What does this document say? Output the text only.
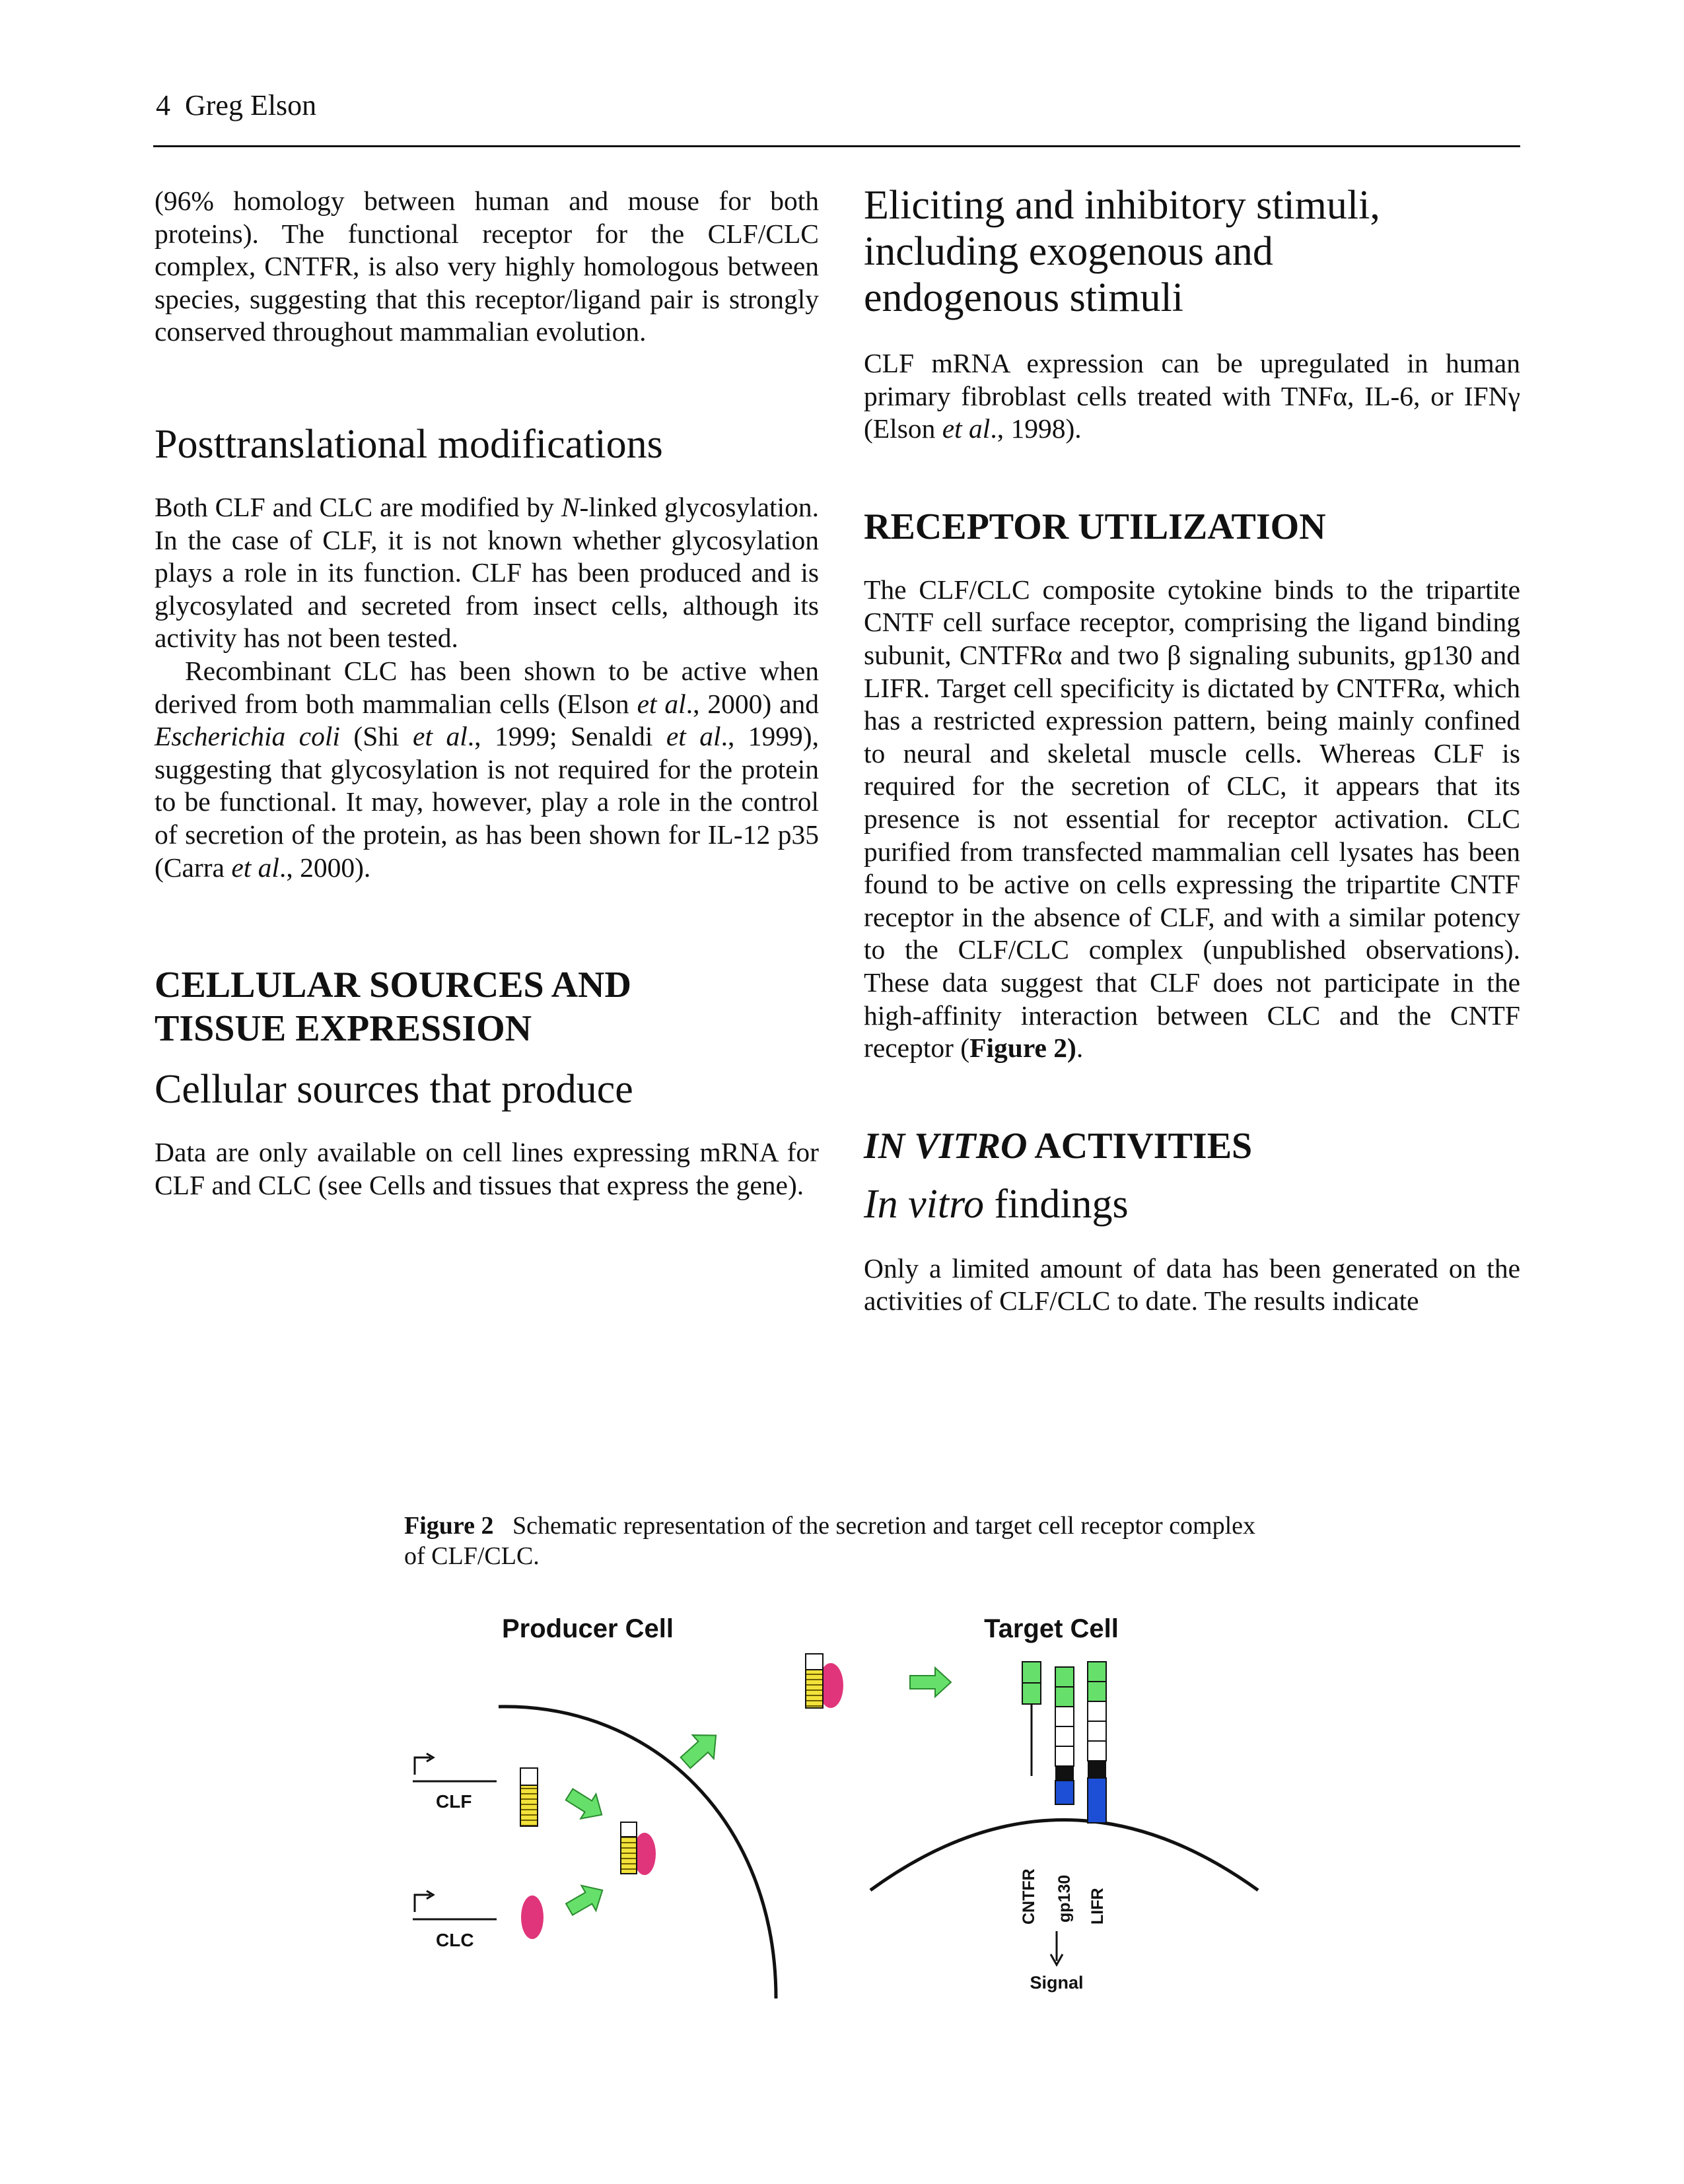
4 Greg Elson

(96% homology between human and mouse for both proteins). The functional receptor for the CLF/CLC complex, CNTFR, is also very highly homologous between species, suggesting that this receptor/ligand pair is strongly conserved throughout mammalian evolution.

Posttranslational modifications

Both CLF and CLC are modified by N-linked glycosylation. In the case of CLF, it is not known whether glycosylation plays a role in its function. CLF has been produced and is glycosylated and secreted from insect cells, although its activity has not been tested.

Recombinant CLC has been shown to be active when derived from both mammalian cells (Elson et al., 2000) and Escherichia coli (Shi et al., 1999; Senaldi et al., 1999), suggesting that glycosylation is not required for the protein to be functional. It may, however, play a role in the control of secretion of the protein, as has been shown for IL-12 p35 (Carra et al., 2000).

CELLULAR SOURCES AND
TISSUE EXPRESSION
Cellular sources that produce

Data are only available on cell lines expressing mRNA for CLF and CLC (see Cells and tissues that express the gene).

Eliciting and inhibitory stimuli,
including exogenous and
endogenous stimuli

CLF mRNA expression can be upregulated in human primary fibroblast cells treated with TNFα, IL-6, or IFNγ (Elson et al., 1998).

RECEPTOR UTILIZATION

The CLF/CLC composite cytokine binds to the tripartite CNTF cell surface receptor, comprising the ligand binding subunit, CNTFRα and two β signaling subunits, gp130 and LIFR. Target cell specificity is dictated by CNTFRα, which has a restricted expression pattern, being mainly confined to neural and skeletal muscle cells. Whereas CLF is required for the secretion of CLC, it appears that its presence is not essential for receptor activation. CLC purified from transfected mammalian cell lysates has been found to be active on cells expressing the tripartite CNTF receptor in the absence of CLF, and with a similar potency to the CLF/CLC complex (unpublished observations). These data suggest that CLF does not participate in the high-affinity interaction between CLC and the CNTF receptor (Figure 2).

IN VITRO ACTIVITIES
In vitro findings

Only a limited amount of data has been generated on the activities of CLF/CLC to date. The results indicate

Figure 2 Schematic representation of the secretion and target cell receptor complex of CLF/CLC.
Producer Cell	Target Cell
CLF
CLC
CNTFR gp130 LIFR
Signal
